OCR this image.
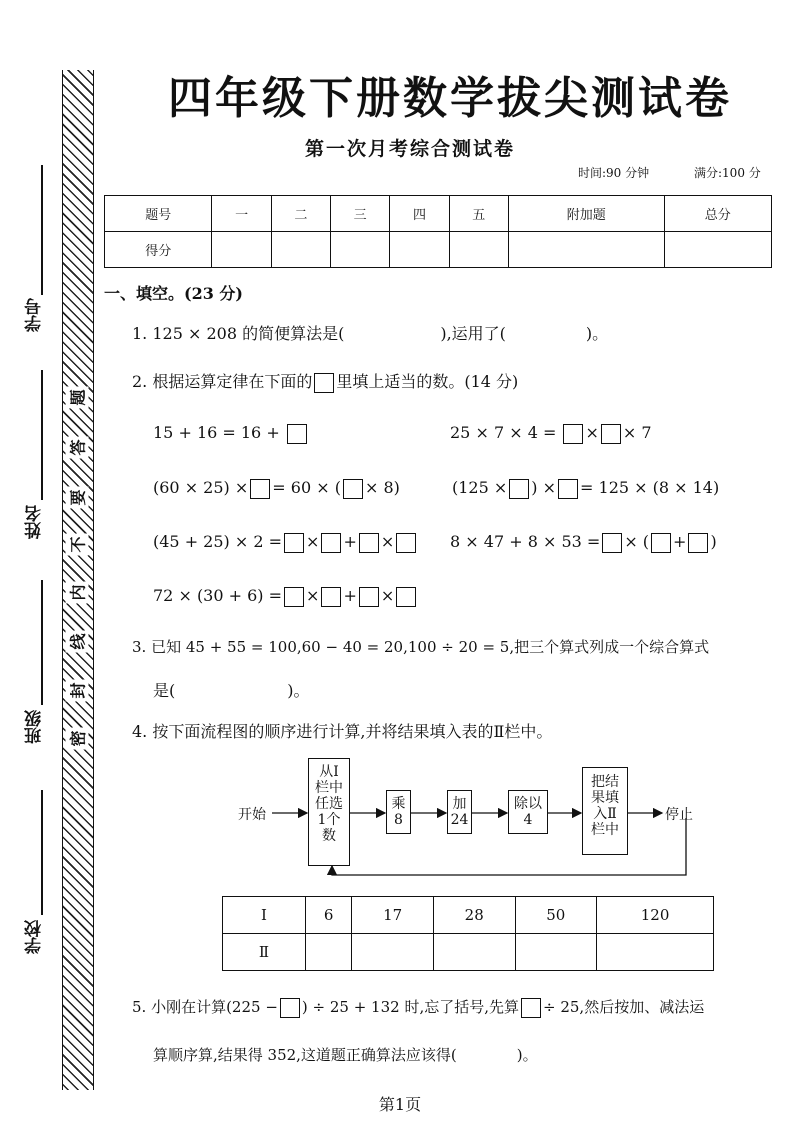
学号
姓名
班级
学校
题
答
要
不
内
线
封
密
四年级下册数学拔尖测试卷
第一次月考综合测试卷
时间:90 分钟	满分:100 分
题号	一	二	三	四	五	附加题	总分
得分							
一、填空。(23 分)
1. 125 × 208 的简便算法是(　　　　　　),运用了(　　　　　)。
2. 根据运算定律在下面的 里填上适当的数。(14 分)
15 + 16 = 16 +	25 × 7 × 4 = × × 7
(60 × 25) × = 60 × ( × 8)	(125 × ) × = 125 × (8 × 14)
(45 + 25) × 2 = × + ×	8 × 47 + 8 × 53 = × ( + )
72 × (30 + 6) = × + ×
3. 已知 45 + 55 = 100,60 − 40 = 20,100 ÷ 20 = 5,把三个算式列成一个综合算式
是(　　　　　　　)。
4. 按下面流程图的顺序进行计算,并将结果填入表的Ⅱ栏中。
开始
从Ⅰ
栏中
任选
1个
数
乘
8
加
24
除以
4
把结
果填
入Ⅱ
栏中
停止
Ⅰ	6	17	28	50	120
Ⅱ					
5. 小刚在计算(225 − ) ÷ 25 + 132 时,忘了括号,先算 ÷ 25,然后按加、减法运
算顺序算,结果得 352,这道题正确算法应该得(　　　　)。
第1页
